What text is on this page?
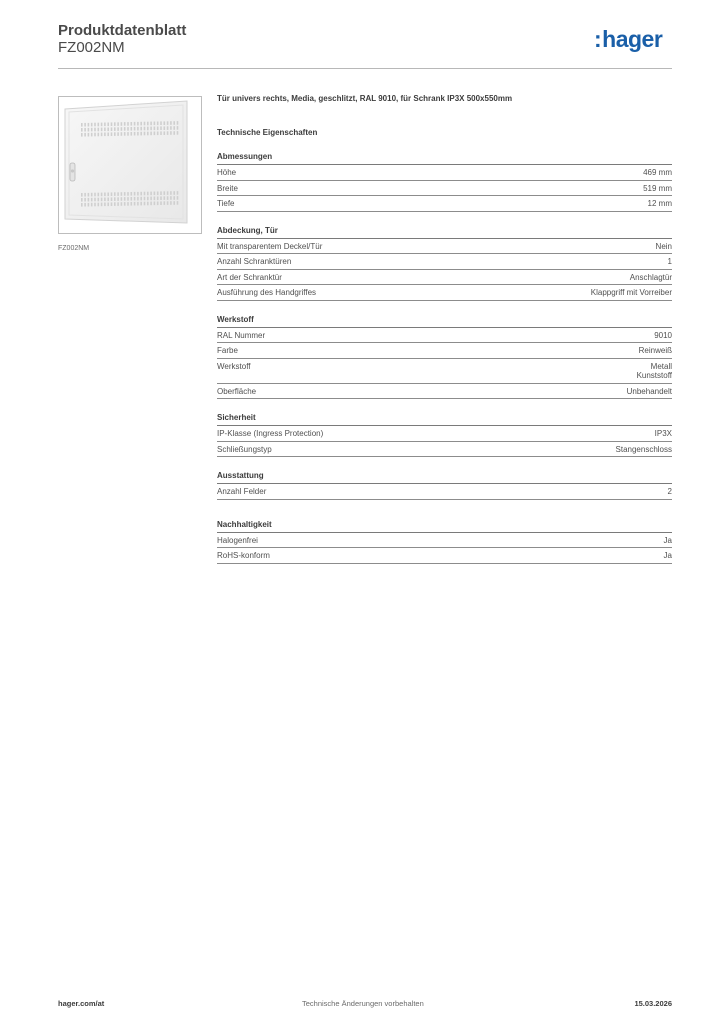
Produktdatenblatt
FZ002NM	:hager
FZ002NM
Tür univers rechts, Media, geschlitzt, RAL 9010, für Schrank IP3X 500x550mm
Technische Eigenschaften
Abmessungen
Höhe	469 mm
Breite	519 mm
Tiefe	12 mm
Abdeckung, Tür
Mit transparentem Deckel/Tür	Nein
Anzahl Schranktüren	1
Art der Schranktür	Anschlagtür
Ausführung des Handgriffes	Klappgriff mit Vorreiber
Werkstoff
RAL Nummer	9010
Farbe	Reinweiß
Werkstoff	Metall
Kunststoff
Oberfläche	Unbehandelt
Sicherheit
IP-Klasse (Ingress Protection)	IP3X
Schließungstyp	Stangenschloss
Ausstattung
Anzahl Felder	2
Nachhaltigkeit
Halogenfrei	Ja
RoHS-konform	Ja
hager.com/at	Technische Änderungen vorbehalten	15.03.2026
